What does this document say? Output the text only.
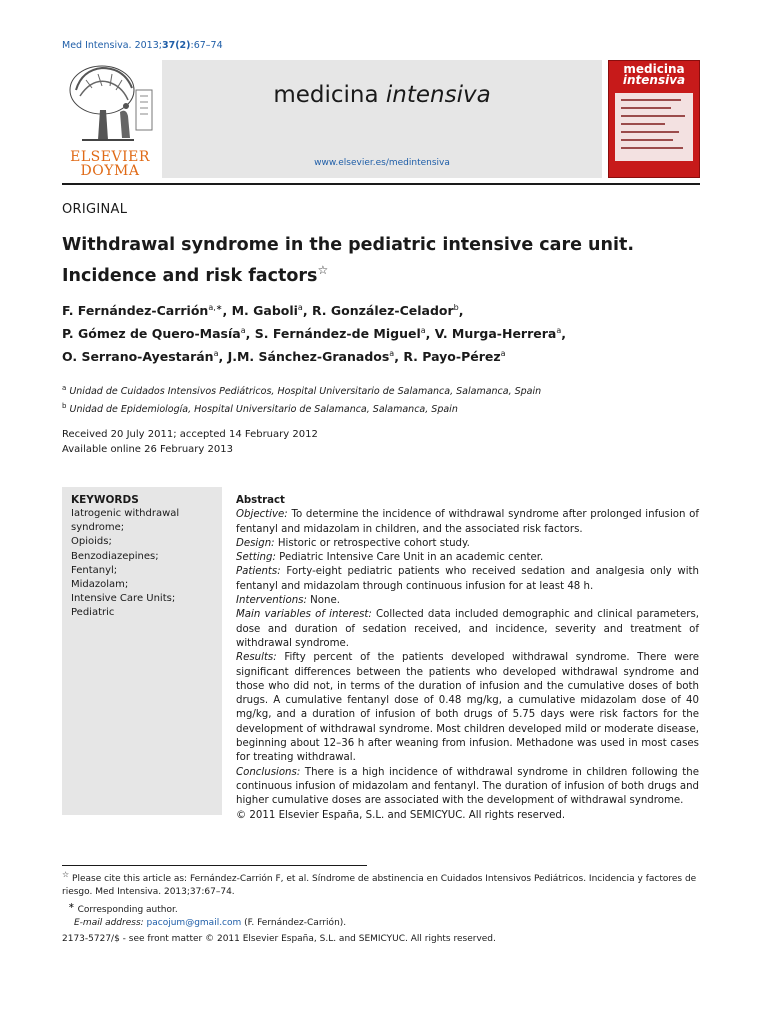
Med Intensiva. 2013;37(2):67–74
ELSEVIER
DOYMA
medicina intensiva
www.elsevier.es/medintensiva
medicina
intensiva
ORIGINAL
Withdrawal syndrome in the pediatric intensive care unit.
Incidence and risk factors☆
F. Fernández-Carrión$^{a,∗}$, M. Gaboli$^a$, R. González-Celador$^b$,
P. Gómez de Quero-Masía$^a$, S. Fernández-de Miguel$^a$, V. Murga-Herrera$^a$,
O. Serrano-Ayestarán$^a$, J.M. Sánchez-Granados$^a$, R. Payo-Pérez$^a$
$^a$ Unidad de Cuidados Intensivos Pediátricos, Hospital Universitario de Salamanca, Salamanca, Spain
$^b$ Unidad de Epidemiología, Hospital Universitario de Salamanca, Salamanca, Spain
Received 20 July 2011; accepted 14 February 2012
Available online 26 February 2013
KEYWORDS
Iatrogenic withdrawal
syndrome;
Opioids;
Benzodiazepines;
Fentanyl;
Midazolam;
Intensive Care Units;
Pediatric

Abstract

Objective: To determine the incidence of withdrawal syndrome after prolonged infusion of fentanyl and midazolam in children, and the associated risk factors.

Design: Historic or retrospective cohort study.

Setting: Pediatric Intensive Care Unit in an academic center.

Patients: Forty-eight pediatric patients who received sedation and analgesia only with fentanyl and midazolam through continuous infusion for at least 48 h.

Interventions: None.

Main variables of interest: Collected data included demographic and clinical parameters, dose and duration of sedation received, and incidence, severity and treatment of withdrawal syndrome.

Results: Fifty percent of the patients developed withdrawal syndrome. There were significant differences between the patients who developed withdrawal syndrome and those who did not, in terms of the duration of infusion and the cumulative doses of both drugs. A cumulative fentanyl dose of 0.48 mg/kg, a cumulative midazolam dose of 40 mg/kg, and a duration of infusion of both drugs of 5.75 days were risk factors for the development of withdrawal syndrome. Most children developed mild or moderate disease, beginning about 12–36 h after weaning from infusion. Methadone was used in most cases for treating withdrawal.

Conclusions: There is a high incidence of withdrawal syndrome in children following the continuous infusion of midazolam and fentanyl. The duration of infusion of both drugs and higher cumulative doses are associated with the development of withdrawal syndrome.

© 2011 Elsevier España, S.L. and SEMICYUC. All rights reserved.

☆ Please cite this article as: Fernández-Carrión F, et al. Síndrome de abstinencia en Cuidados Intensivos Pediátricos. Incidencia y factores de riesgo. Med Intensiva. 2013;37:67–74.
∗ Corresponding author.
E-mail address: pacojum@gmail.com (F. Fernández-Carrión).
2173-5727/$ - see front matter © 2011 Elsevier España, S.L. and SEMICYUC. All rights reserved.
